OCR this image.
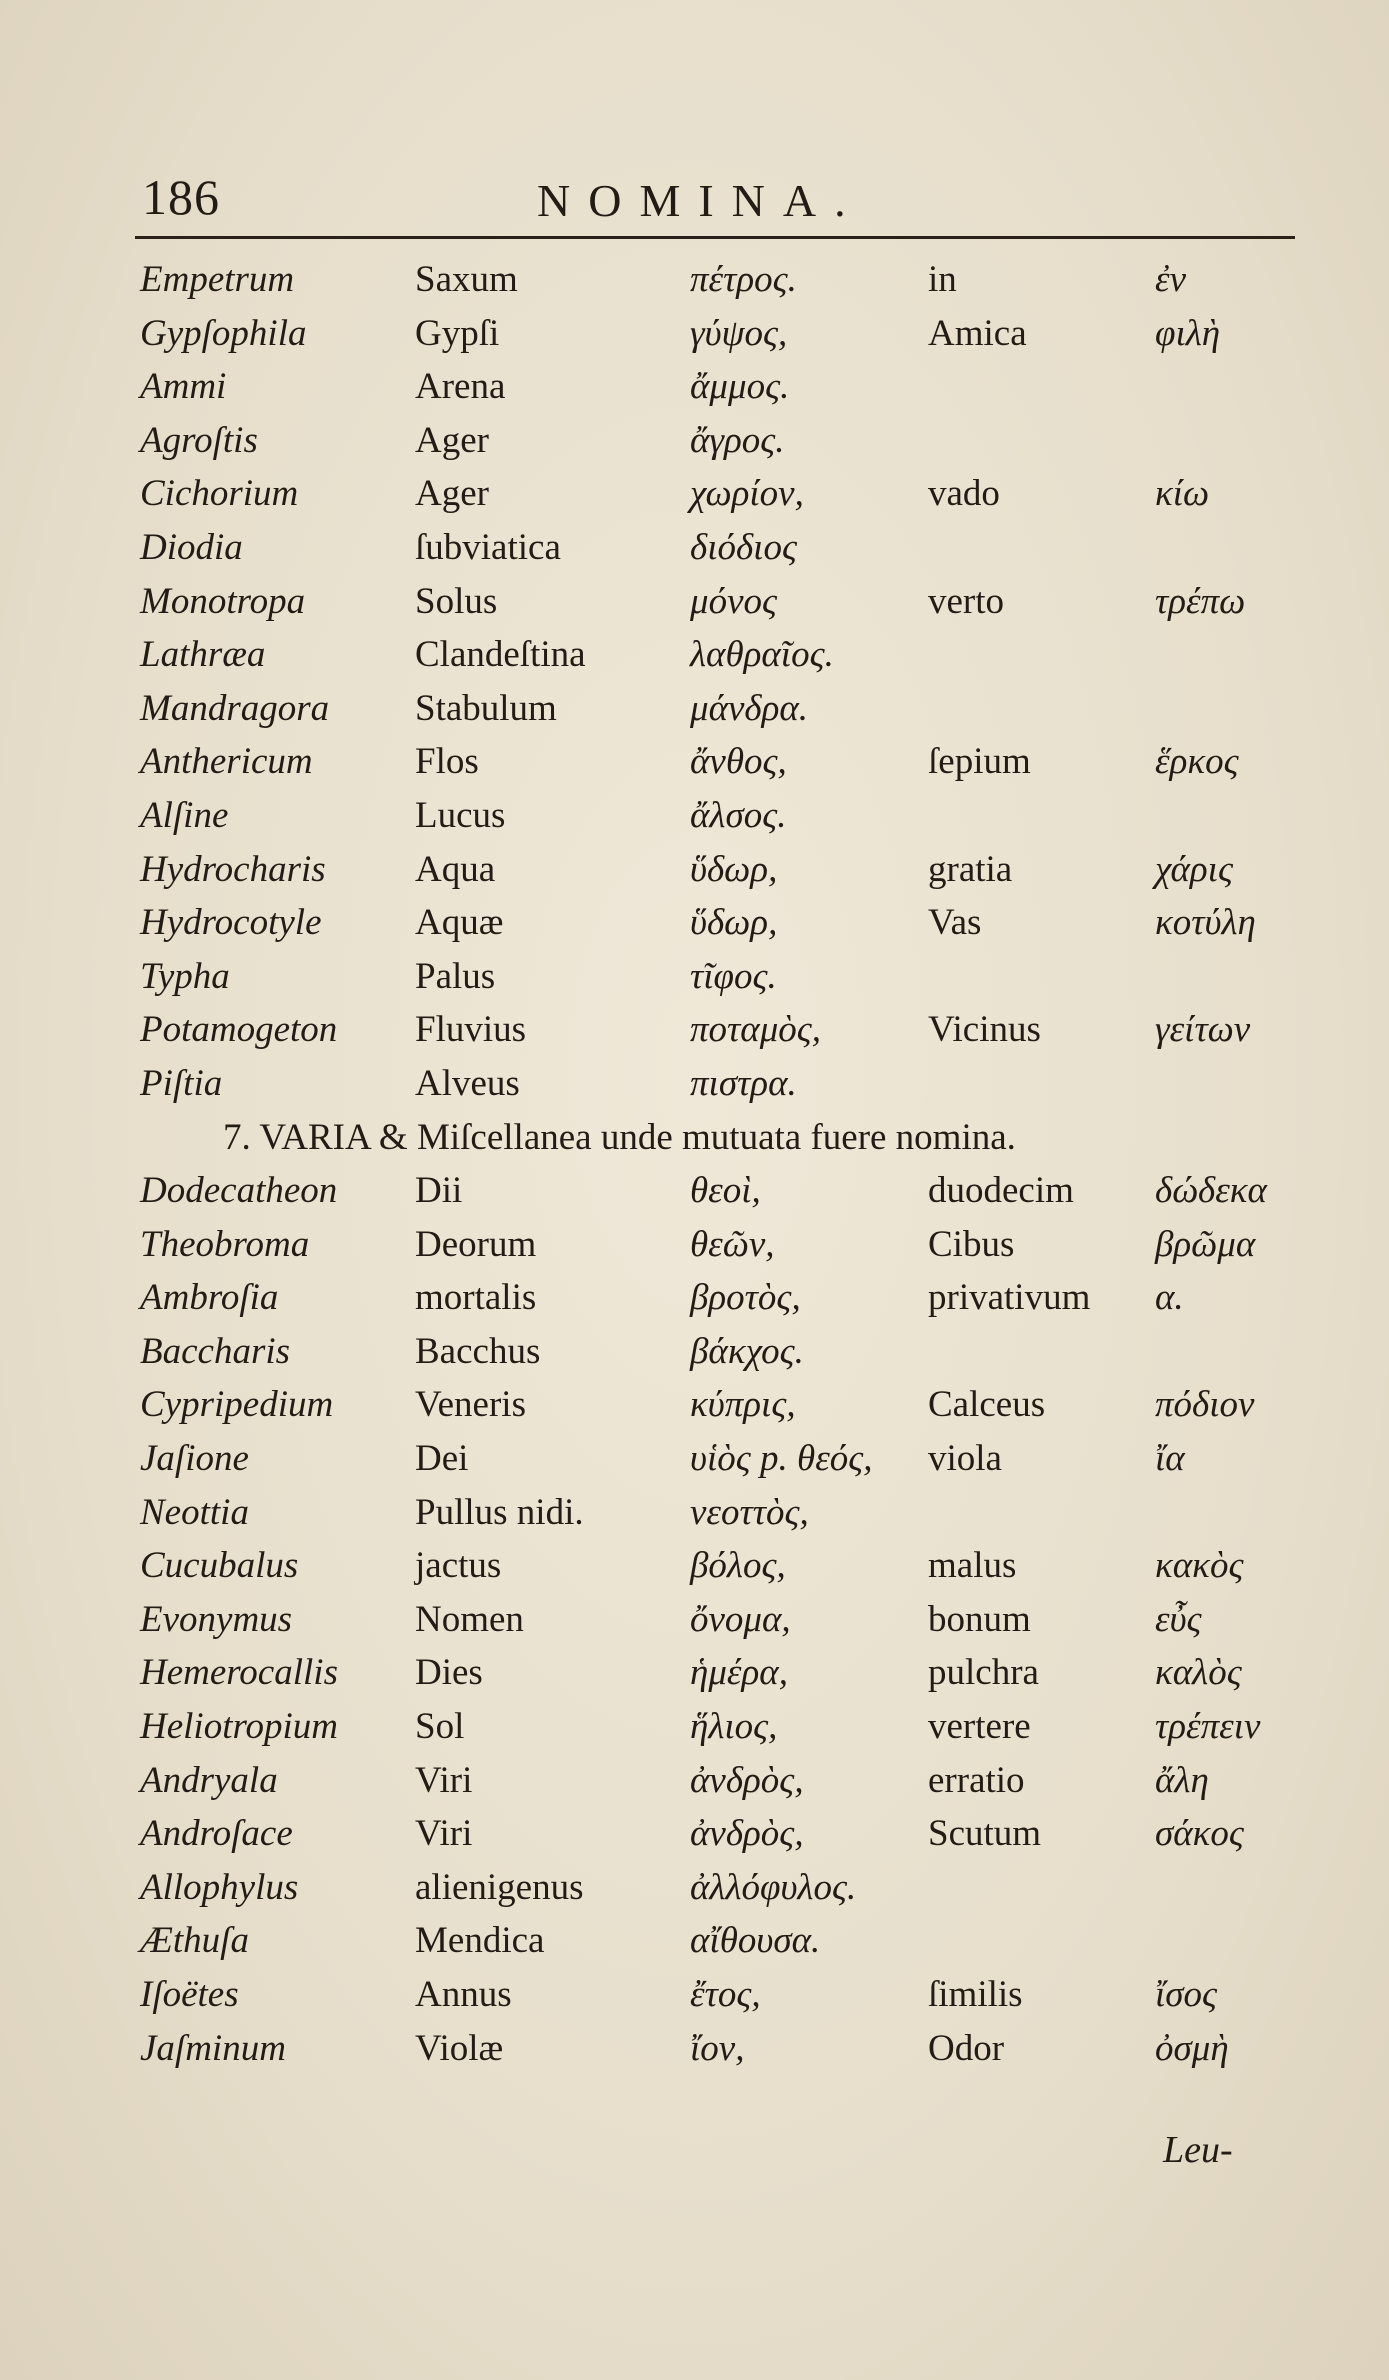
186	NOMINA.
Empetrum	Saxum	πέτρος.	in	ἐν
Gypſophila	Gypſi	γύψος,	Amica	φιλὴ
Ammi	Arena	ἄμμος.
Agroſtis	Ager	ἄγρος.
Cichorium	Ager	χωρίον,	vado	κίω
Diodia	ſubviatica	διόδιος
Monotropa	Solus	μόνος	verto	τρέπω
Lathræa	Clandeſtina	λαθραῖος.
Mandragora Stabulum	μάνδρα.
Anthericum	Flos	ἄνθος,	ſepium	ἕρκος
Alſine	Lucus	ἄλσος.
Hydrocharis Aqua	ὕδωρ,	gratia	χάρις
Hydrocotyle	Aquæ	ὕδωρ,	Vas	κοτύλη
Typha	Palus	τῖφος.
Potamogeton Fluvius	ποταμὸς,	Vicinus	γείτων
Piſtia	Alveus	πιστρα.
7. VARIA & Miſcellanea unde mutuata fuere nomina.
Dodecatheon Dii	θεοὶ,	duodecim δώδεκα
Theobroma	Deorum	θεῶν,	Cibus	βρῶμα
Ambroſia	mortalis	βροτὸς,	privativum α.
Baccharis	Bacchus	βάκχος.
Cypripedium Veneris	κύπρις,	Calceus	πόδιον
Jaſione	Dei	υἱὸς p. θεός, viola	ἴα
Neottia	Pullus nidi.	νεοττὸς,
Cucubalus	jactus	βόλος,	malus	κακὸς
Evonymus	Nomen	ὄνομα,	bonum	εὖς
Hemerocallis Dies	ἡμέρα,	pulchra	καλὸς
Heliotropium Sol	ἥλιος,	vertere	τρέπειν
Andryala	Viri	ἀνδρὸς,	erratio	ἄλη
Androſace	Viri	ἀνδρὸς,	Scutum	σάκος
Allophylus	alienigenus	ἀλλόφυλος.
Æthuſa	Mendica	αἴθουσα.
Iſoëtes	Annus	ἔτος,	ſimilis	ἴσος
Jaſminum	Violæ	ἴον,	Odor	ὀσμὴ
Leu-
